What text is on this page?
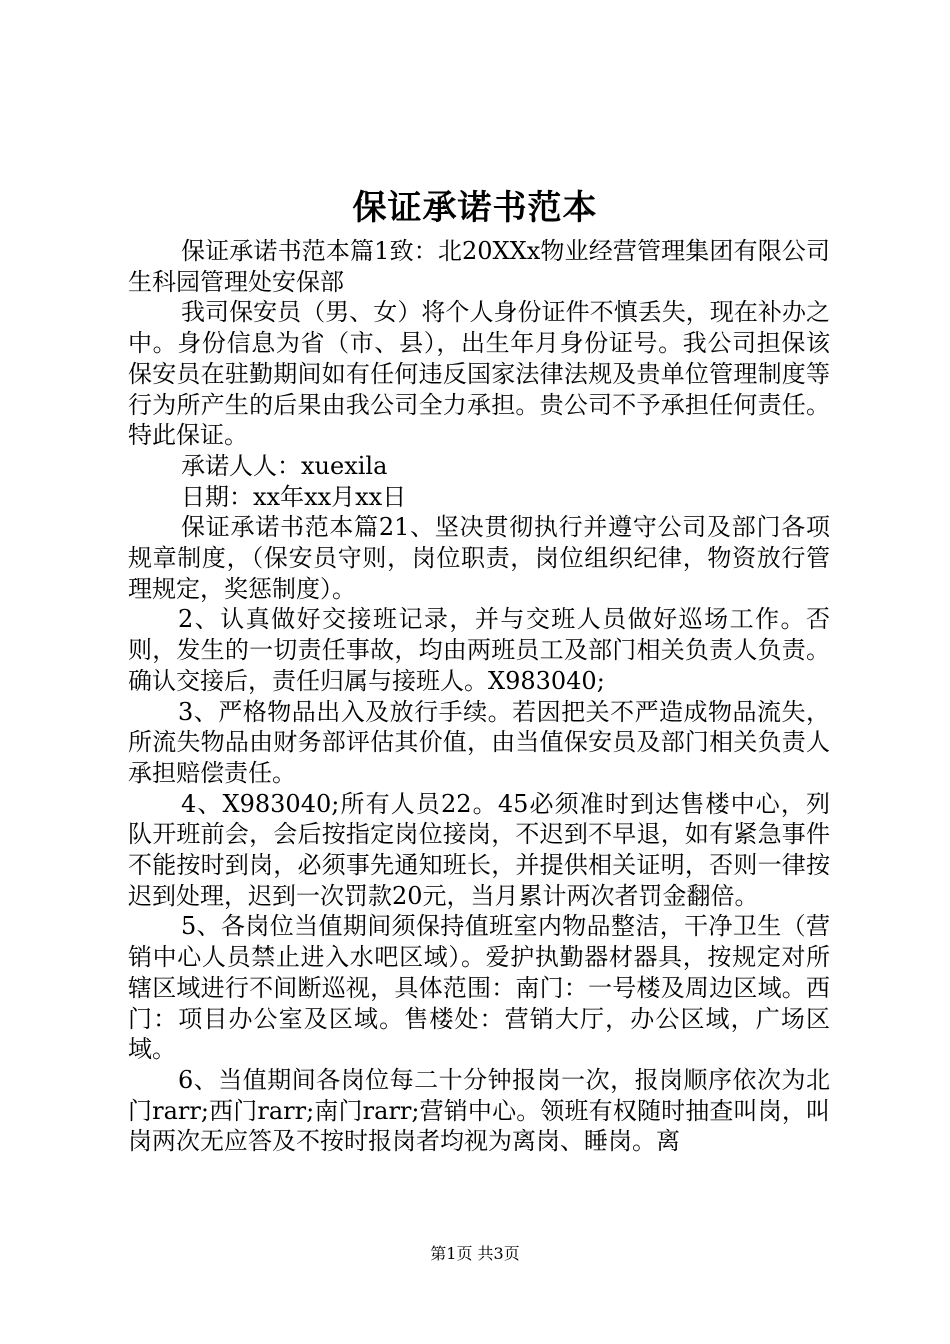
保证承诺书范本

保证承诺书范本篇1致：北20XXx物业经营管理集团有限公司生科园管理处安保部

我司保安员（男、女）将个人身份证件不慎丢失，现在补办之中。身份信息为省（市、县），出生年月身份证号。我公司担保该保安员在驻勤期间如有任何违反国家法律法规及贵单位管理制度等行为所产生的后果由我公司全力承担。贵公司不予承担任何责任。特此保证。

承诺人人：xuexila

日期：xx年xx月xx日

保证承诺书范本篇21、坚决贯彻执行并遵守公司及部门各项规章制度，（保安员守则，岗位职责，岗位组织纪律，物资放行管理规定，奖惩制度）。

2、认真做好交接班记录，并与交班人员做好巡场工作。否则，发生的一切责任事故，均由两班员工及部门相关负责人负责。确认交接后，责任归属与接班人。X983040;

3、严格物品出入及放行手续。若因把关不严造成物品流失，所流失物品由财务部评估其价值，由当值保安员及部门相关负责人承担赔偿责任。

4、X983040;所有人员22。45必须准时到达售楼中心，列队开班前会，会后按指定岗位接岗，不迟到不早退，如有紧急事件不能按时到岗，必须事先通知班长，并提供相关证明，否则一律按迟到处理，迟到一次罚款20元，当月累计两次者罚金翻倍。

5、各岗位当值期间须保持值班室内物品整洁，干净卫生（营销中心人员禁止进入水吧区域）。爱护执勤器材器具，按规定对所辖区域进行不间断巡视，具体范围：南门：一号楼及周边区域。西门：项目办公室及区域。售楼处：营销大厅，办公区域，广场区域。

6、当值期间各岗位每二十分钟报岗一次，报岗顺序依次为北门rarr;西门rarr;南门rarr;营销中心。领班有权随时抽查叫岗，叫岗两次无应答及不按时报岗者均视为离岗、睡岗。离

第1页 共3页
